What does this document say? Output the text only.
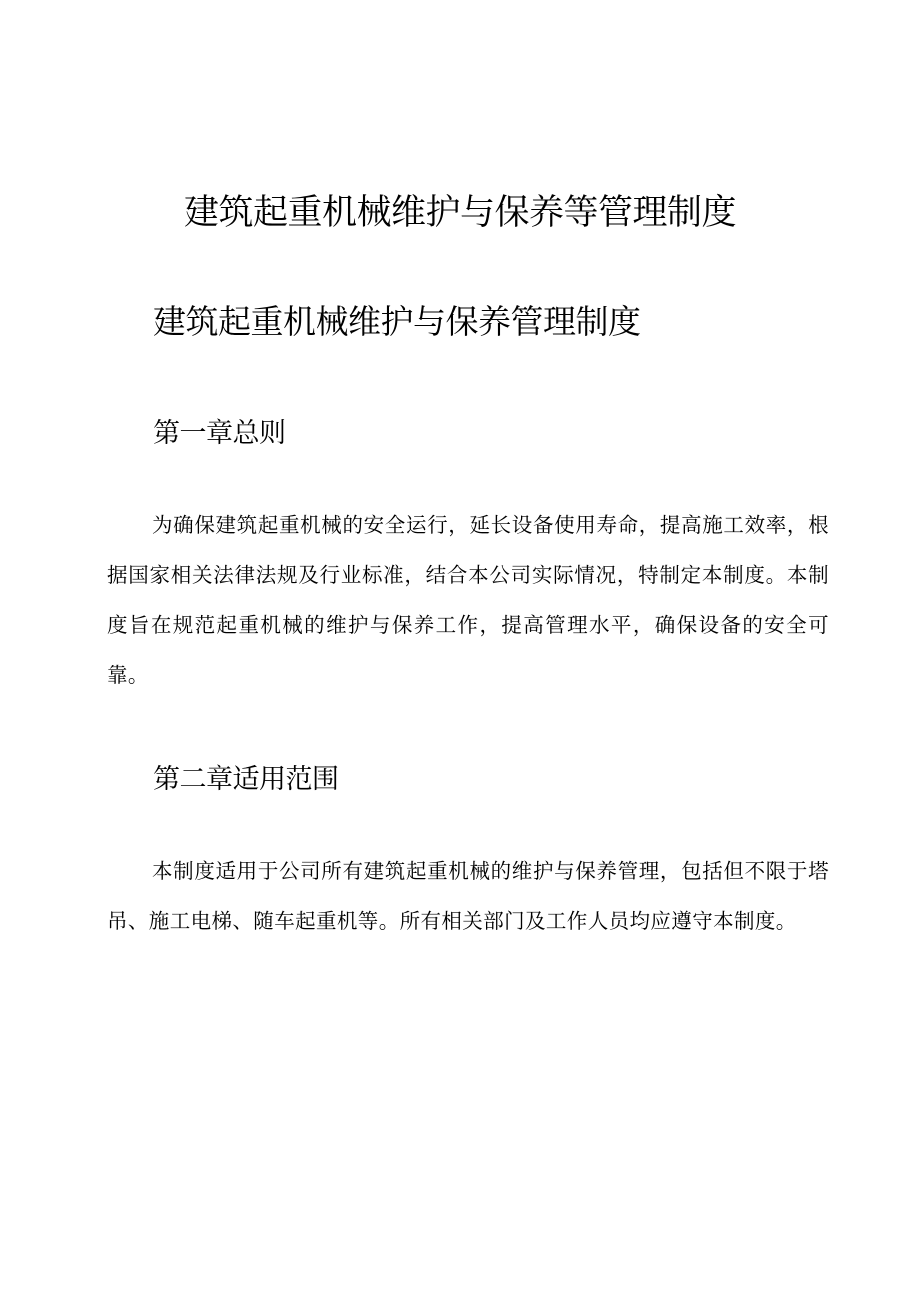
建筑起重机械维护与保养等管理制度
建筑起重机械维护与保养管理制度
第一章总则

为确保建筑起重机械的安全运行，延长设备使用寿命，提高施工效率，根据国家相关法律法规及行业标准，结合本公司实际情况，特制定本制度。本制度旨在规范起重机械的维护与保养工作，提高管理水平，确保设备的安全可靠。

第二章适用范围

本制度适用于公司所有建筑起重机械的维护与保养管理，包括但不限于塔吊、施工电梯、随车起重机等。所有相关部门及工作人员均应遵守本制度。
